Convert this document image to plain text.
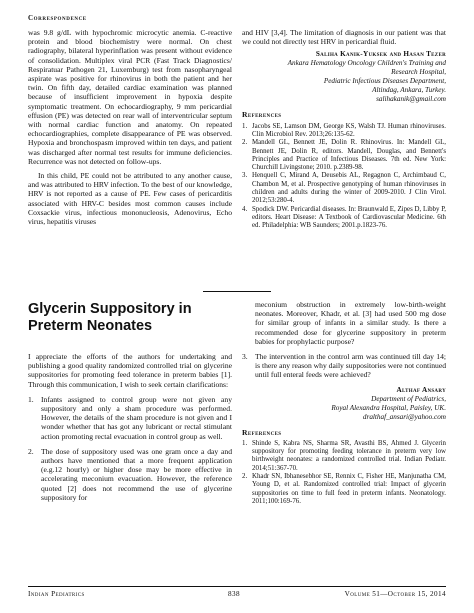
Correspondence

was 9.8 g/dL with hypochromic microcytic anemia. C-reactive protein and blood biochemistry were normal. On chest radiography, bilateral hyperinflation was present without evidence of consolidation. Multiplex viral PCR (Fast Track Diagnostics/ Respiratuar Pathogen 21, Luxemburg) test from nasopharyngeal aspirate was positive for rhinovirus in both the patient and her twin. On fifth day, detailed cardiac examination was planned because of insufficient improvement in hypoxia despite symptomatic treatment. On echocardiography, 9 mm pericardial effusion (PE) was detected on rear wall of interventricular septum with normal cardiac function and anatomy. On repeated echocardiographies, complete disappearance of PE was observed. Hypoxia and bronchospasm improved within ten days, and patient was discharged after normal test results for immune deficiencies. Recurrence was not detected on follow-ups.

In this child, PE could not be attributed to any another cause, and was attributed to HRV infection. To the best of our knowledge, HRV is not reported as a cause of PE. Few cases of pericarditis associated with HRV-C besides most common causes include Coxsackie virus, infectious mononucleosis, Adenovirus, Echo virus, hepatitis viruses

and HIV [3,4]. The limitation of diagnosis in our patient was that we could not directly test HRV in pericardial fluid.

Saliha Kanik-Yuksek and Hasan Tezer
Ankara Hematology Oncology Children's Training and
Research Hospital,
Pediatric Infectious Diseases Department,
Altindag, Ankara, Turkey.
salihakanik@gmail.com
References
1. Jacobs SE, Lamson DM, George KS, Walsh TJ. Human rhinoviruses. Clin Microbiol Rev. 2013;26:135-62.
2. Mandell GL, Bennett JE, Dolin R. Rhinovirus. In: Mandell GL, Bennett JE, Dolin R, editors. Mandell, Douglas, and Bennett's Principles and Practice of Infectious Diseases. 7th ed. New York: Churchill Livingstone; 2010. p.2389-98.
3. Henquell C, Mirand A, Deusebis AL, Regagnon C, Archimbaud C, Chambon M, et al. Prospective genotyping of human rhinoviruses in children and adults during the winter of 2009-2010. J Clin Virol. 2012;53:280-4.
4. Spodick DW. Pericardial diseases. In: Braunwald E, Zipes D, Libby P, editors. Heart Disease: A Textbook of Cardiovascular Medicine. 6th ed. Philadelphia: WB Saunders; 2001.p.1823-76.
Glycerin Suppository in Preterm Neonates

I appreciate the efforts of the authors for undertaking and publishing a good quality randomized controlled trial on glycerine suppositories for promoting feed tolerance in preterm babies [1]. Through this communication, I wish to seek certain clarifications:

1. Infants assigned to control group were not given any suppository and only a sham procedure was performed. However, the details of the sham procedure is not given and I wonder whether that has got any lubricant or rectal stimulant action promoting rectal evacuation in control group as well.
2. The dose of suppository used was one gram once a day and authors have mentioned that a more frequent application (e.g.12 hourly) or higher dose may be more effective in accelerating meconium evacuation. However, the reference quoted [2] does not recommend the use of glycerine suppository for

meconium obstruction in extremely low-birth-weight neonates. Moreover, Khadr, et al. [3] had used 500 mg dose for similar group of infants in a similar study. Is there a recommended dose for glycerine suppository in preterm babies for prophylactic purpose?

3. The intervention in the control arm was continued till day 14; is there any reason why daily suppositories were not continued until full enteral feeds were achieved?
Althaf Ansary
Department of Pediatrics,
Royal Alexandra Hospital, Paisley, UK.
dralthaf_ansari@yahoo.com
References
1. Shinde S, Kabra NS, Sharma SR, Avasthi BS, Ahmed J. Glycerin suppository for promoting feeding tolerance in preterm very low birthweight neonates: a randomized controlled trial. Indian Pediatr. 2014;51:367-70.
2. Khadr SN, Ibhanesebhor SE, Rennix C, Fisher HE, Manjunatha CM, Young D, et al. Randomized controlled trial: Impact of glycerin suppositories on time to full feed in preterm infants. Neonatology. 2011;100:169-76.
Indian Pediatrics	838	Volume 51—October 15, 2014
